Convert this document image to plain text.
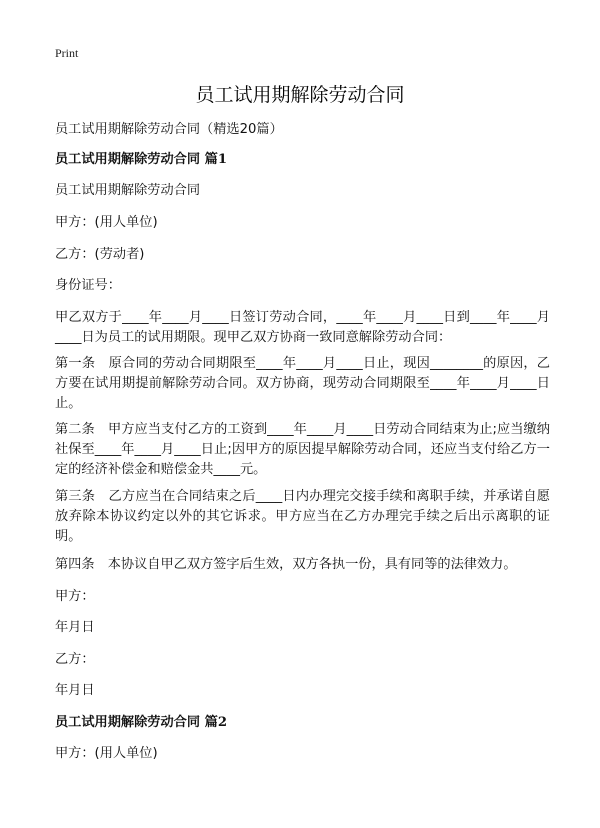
Print
员工试用期解除劳动合同
员工试用期解除劳动合同（精选20篇）
员工试用期解除劳动合同 篇1
员工试用期解除劳动合同
甲方：(用人单位)
乙方：(劳动者)
身份证号：
甲乙双方于____年____月____日签订劳动合同，____年____月____日到____年____月____日为员工的试用期限。现甲乙双方协商一致同意解除劳动合同：
第一条　原合同的劳动合同期限至____年____月____日止，现因________的原因，乙方要在试用期提前解除劳动合同。双方协商，现劳动合同期限至____年____月____日止。
第二条　甲方应当支付乙方的工资到____年____月____日劳动合同结束为止;应当缴纳社保至____年____月____日止;因甲方的原因提早解除劳动合同，还应当支付给乙方一定的经济补偿金和赔偿金共____元。
第三条　乙方应当在合同结束之后____日内办理完交接手续和离职手续，并承诺自愿放弃除本协议约定以外的其它诉求。甲方应当在乙方办理完手续之后出示离职的证明。
第四条　本协议自甲乙双方签字后生效，双方各执一份，具有同等的法律效力。
甲方：
年月日
乙方：
年月日
员工试用期解除劳动合同 篇2
甲方：(用人单位)
